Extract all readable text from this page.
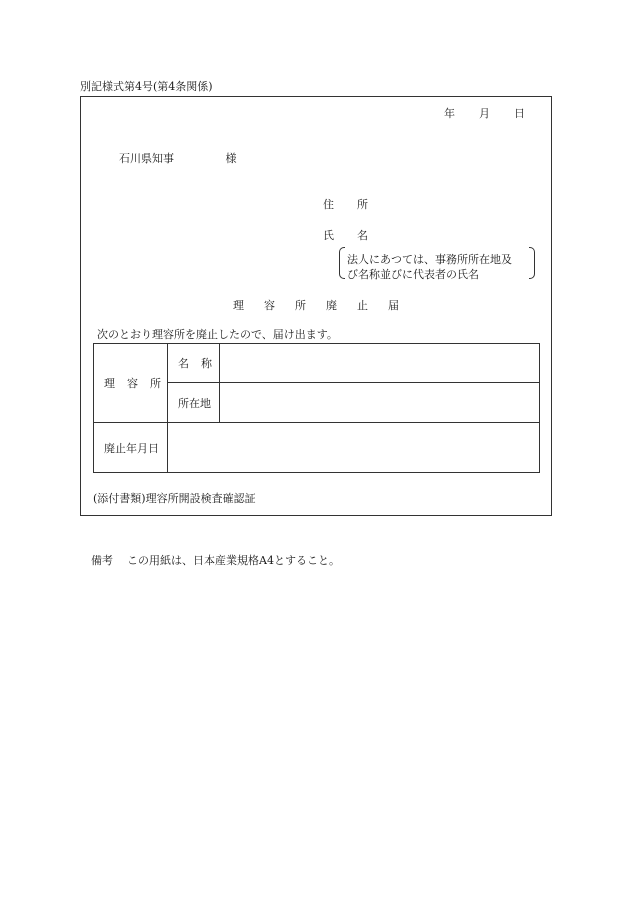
別記様式第4号(第4条関係)
年 月 日
石川県知事	様
住 所
氏 名
法人にあつては、事務所所在地及
び名称並びに代表者の氏名
理 容 所 廃 止 届
次のとおり理容所を廃止したので、届け出ます。
理 容 所	名 称	
	所在地	
廃止年月日		
(添付書類)理容所開設検査確認証
備考 この用紙は、日本産業規格A4とすること。
